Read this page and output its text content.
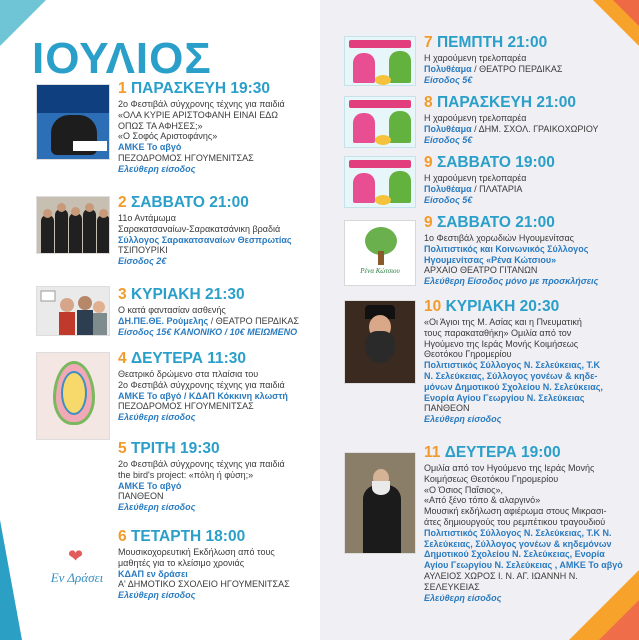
ΙΟΥΛΙΟΣ
❤
Εν Δράσει
Ρένα Κώτσιου
1 ΠΑΡΑΣΚΕΥΗ 19:30
2ο Φεστιβάλ σύγχρονης τέχνης για παιδιά
«ΟΛΑ ΚΥΡΙΕ ΑΡΙΣΤΟΦΑΝΗ ΕΙΝΑΙ ΕΔΩ
ΟΠΩΣ ΤΑ ΑΦΗΣΕΣ;»
«Ο Σοφός Αριστοφάνης»
ΑΜΚΕ Το αβγό
ΠΕΖΟΔΡΟΜΟΣ ΗΓΟΥΜΕΝΙΤΣΑΣ
Ελεύθερη είσοδος
2 ΣΑΒΒΑΤΟ 21:00
11ο Αντάμωμα
Σαρακατσαναίων-Σαρακατσάνικη βραδιά
Σύλλογος Σαρακατσαναίων Θεσπρωτίας
ΤΣΙΠΟΥΡΙΚΙ
Είσοδος 2€
3 ΚΥΡΙΑΚΗ 21:30
Ο κατά φαντασίαν ασθενής
ΔΗ.ΠΕ.ΘΕ. Ρούμελης / ΘΕΑΤΡΟ ΠΕΡΔΙΚΑΣ
Είσοδος 15€ ΚΑΝΟΝΙΚΟ / 10€ ΜΕΙΩΜΕΝΟ
4 ΔΕΥΤΕΡΑ 11:30
Θεατρικό δρώμενο στα πλαίσια του
2ο Φεστιβάλ σύγχρονης τέχνης για παιδιά
ΑΜΚΕ Το αβγό / ΚΔΑΠ Κόκκινη κλωστή
ΠΕΖΟΔΡΟΜΟΣ ΗΓΟΥΜΕΝΙΤΣΑΣ
Ελεύθερη είσοδος
5 ΤΡΙΤΗ 19:30
2ο Φεστιβάλ σύγχρονης τέχνης για παιδιά
the bird's project: «πόλη ή φύση;»
ΑΜΚΕ Το αβγό
ΠΑΝΘΕΟΝ
Ελεύθερη είσοδος
6 ΤΕΤΑΡΤΗ 18:00
Μουσικοχορευτική Εκδήλωση από τους
μαθητές για το κλείσιμο χρονιάς
ΚΔΑΠ εν δράσει
Α' ΔΗΜΟΤΙΚΟ ΣΧΟΛΕΙΟ ΗΓΟΥΜΕΝΙΤΣΑΣ
Ελεύθερη είσοδος
7 ΠΕΜΠΤΗ 21:00
Η χαρούμενη τρελοπαρέα
Πολυθέαμα / ΘΕΑΤΡΟ ΠΕΡΔΙΚΑΣ
Είσοδος 5€
8 ΠΑΡΑΣΚΕΥΗ 21:00
Η χαρούμενη τρελοπαρέα
Πολυθέαμα / ΔΗΜ. ΣΧΟΛ. ΓΡΑΙΚΟΧΩΡΙΟΥ
Είσοδος 5€
9 ΣΑΒΒΑΤΟ 19:00
Η χαρούμενη τρελοπαρέα
Πολυθέαμα / ΠΛΑΤΑΡΙΑ
Είσοδος 5€
9 ΣΑΒΒΑΤΟ 21:00
1ο Φεστιβάλ χορωδιών Ηγουμενίτσας
Πολιτιστικός και Κοινωνικός Σύλλογος
Ηγουμενίτσας «Ρένα Κώτσιου»
ΑΡΧΑΙΟ ΘΕΑΤΡΟ ΓΙΤΑΝΩΝ
Ελεύθερη Είσοδος μόνο με προσκλήσεις
10 ΚΥΡΙΑΚΗ 20:30
«Οι Άγιοι της Μ. Ασίας και η Πνευματική
τους παρακαταθήκη» Ομιλία από τον
Ηγούμενο της Ιεράς Μονής Κοιμήσεως
Θεοτόκου Γηρομερίου
Πολιτιστικός Σύλλογος Ν. Σελεύκειας, Τ.Κ
Ν. Σελεύκειας, Σύλλογος γονέων & κηδε-
μόνων Δημοτικού Σχολείου Ν. Σελεύκειας,
Ενορία Αγίου Γεωργίου Ν. Σελεύκειας
ΠΑΝΘΕΟΝ
Ελεύθερη είσοδος
11 ΔΕΥΤΕΡΑ 19:00
Ομιλία από τον Ηγούμενο της Ιεράς Μονής
Κοιμήσεως Θεοτόκου Γηρομερίου
«Ο Όσιος Παΐσιος»,
«Από ξένο τόπο & αλαργινό»
Μουσική εκδήλωση αφιέρωμα στους Μικρασι-
άτες δημιουργούς του ρεμπέτικου τραγουδιού
Πολιτιστικός Σύλλογος Ν. Σελεύκειας, Τ.Κ Ν.
Σελεύκειας, Σύλλογος γονέων & κηδεμόνων
Δημοτικού Σχολείου Ν. Σελεύκειας, Ενορία
Αγίου Γεωργίου Ν. Σελεύκειας , ΑΜΚΕ Το αβγό
ΑΥΛΕΙΟΣ ΧΩΡΟΣ Ι. Ν. ΑΓ. ΙΩΑΝΝΗ Ν. ΣΕΛΕΥΚΕΙΑΣ
Ελεύθερη είσοδος
